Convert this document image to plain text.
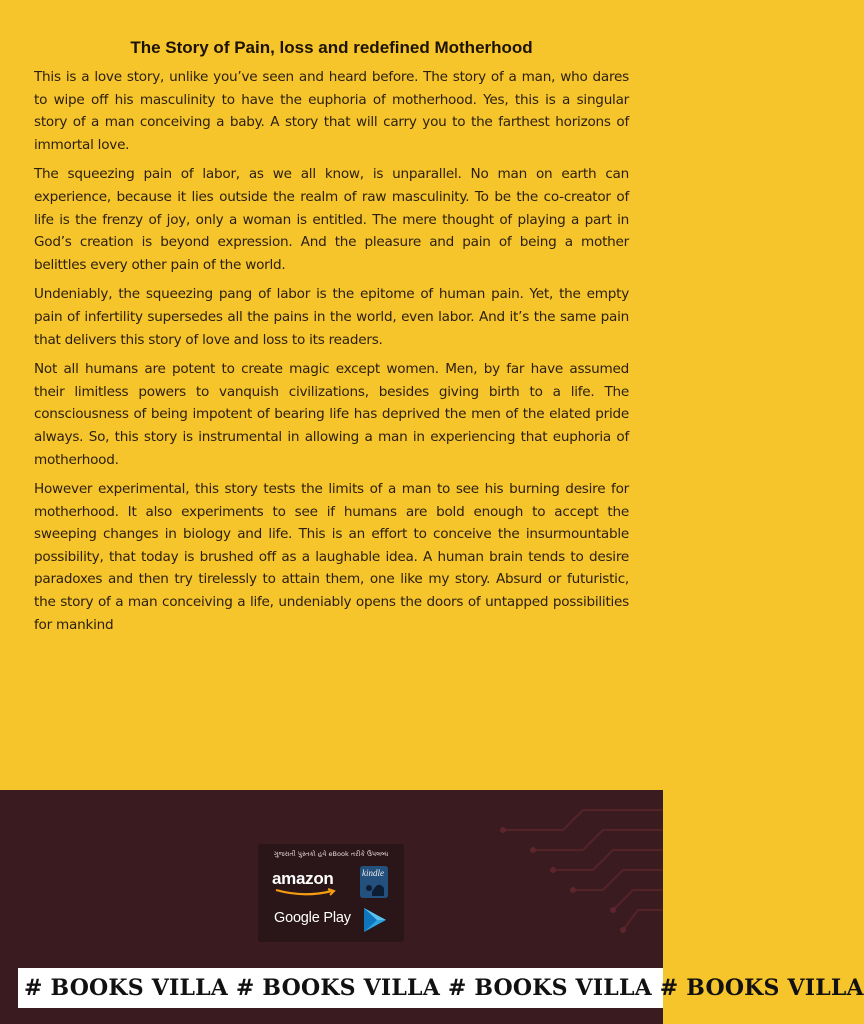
The Story of Pain, loss and redefined Motherhood

This is a love story, unlike you’ve seen and heard before. The story of a man, who dares to wipe off his masculinity to have the euphoria of motherhood. Yes, this is a singular story of a man conceiving a baby. A story that will carry you to the farthest horizons of immortal love.

The squeezing pain of labor, as we all know, is unparallel. No man on earth can experience, because it lies outside the realm of raw masculinity. To be the co-creator of life is the frenzy of joy, only a woman is entitled. The mere thought of playing a part in God’s creation is beyond expression. And the pleasure and pain of being a mother belittles every other pain of the world.

Undeniably, the squeezing pang of labor is the epitome of human pain. Yet, the empty pain of infertility supersedes all the pains in the world, even labor. And it’s the same pain that delivers this story of love and loss to its readers.

Not all humans are potent to create magic except women. Men, by far have assumed their limitless powers to vanquish civilizations, besides giving birth to a life. The consciousness of being impotent of bearing life has deprived the men of the elated pride always. So, this story is instrumental in allowing a man in experiencing that euphoria of motherhood.

However experimental, this story tests the limits of a man to see his burning desire for motherhood. It also experiments to see if humans are bold enough to accept the sweeping changes in biology and life. This is an effort to conceive the insurmountable possibility, that today is brushed off as a laughable idea. A human brain tends to desire paradoxes and then try tirelessly to attain them, one like my story. Absurd or futuristic, the story of a man conceiving a life, undeniably opens the doors of untapped possibilities for mankind

ગુજરાતી પુસ્તકો હવે eBook તરીકે ઉપલબ્ધ
amazon	kindle
Google Play
# BOOKS VILLA # BOOKS VILLA # BOOKS VILLA # BOOKS VILLA
